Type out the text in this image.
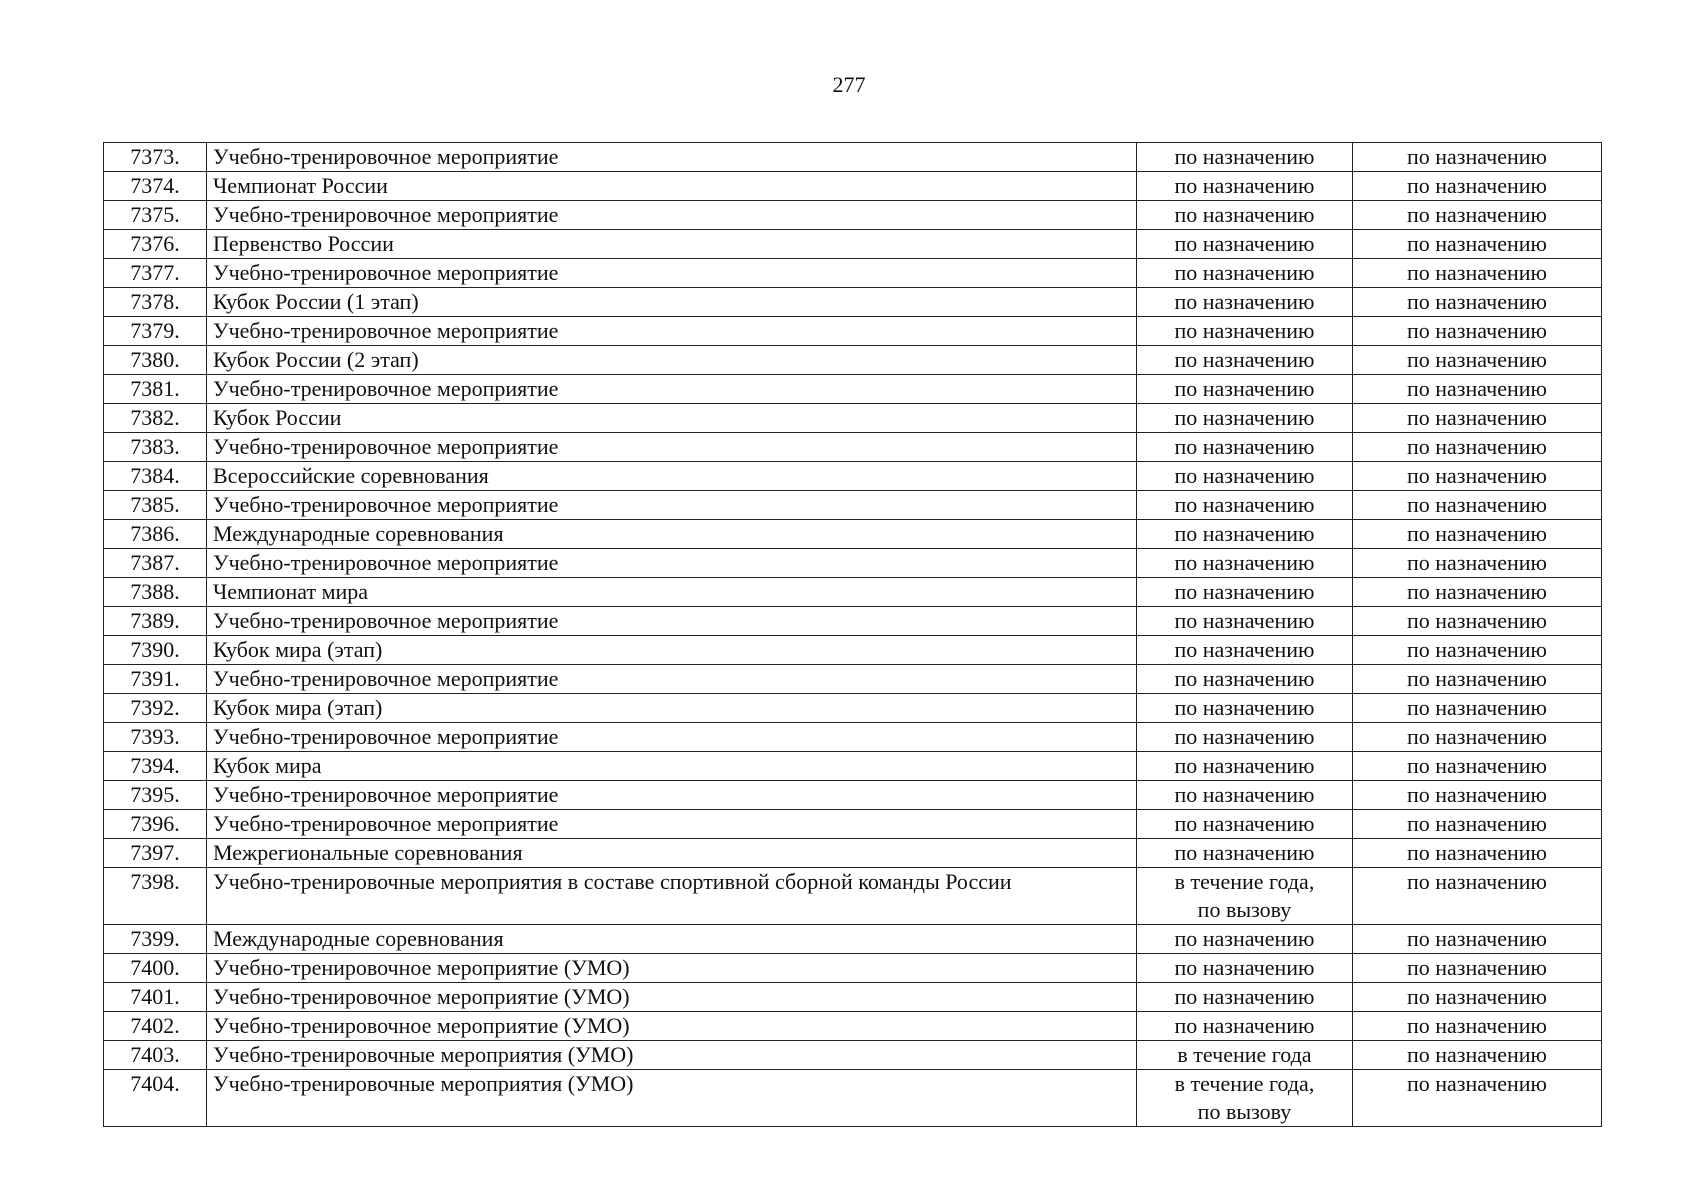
277
7373.	Учебно-тренировочное мероприятие	по назначению	по назначению
7374.	Чемпионат России	по назначению	по назначению
7375.	Учебно-тренировочное мероприятие	по назначению	по назначению
7376.	Первенство России	по назначению	по назначению
7377.	Учебно-тренировочное мероприятие	по назначению	по назначению
7378.	Кубок России (1 этап)	по назначению	по назначению
7379.	Учебно-тренировочное мероприятие	по назначению	по назначению
7380.	Кубок России (2 этап)	по назначению	по назначению
7381.	Учебно-тренировочное мероприятие	по назначению	по назначению
7382.	Кубок России	по назначению	по назначению
7383.	Учебно-тренировочное мероприятие	по назначению	по назначению
7384.	Всероссийские соревнования	по назначению	по назначению
7385.	Учебно-тренировочное мероприятие	по назначению	по назначению
7386.	Международные соревнования	по назначению	по назначению
7387.	Учебно-тренировочное мероприятие	по назначению	по назначению
7388.	Чемпионат мира	по назначению	по назначению
7389.	Учебно-тренировочное мероприятие	по назначению	по назначению
7390.	Кубок мира (этап)	по назначению	по назначению
7391.	Учебно-тренировочное мероприятие	по назначению	по назначению
7392.	Кубок мира (этап)	по назначению	по назначению
7393.	Учебно-тренировочное мероприятие	по назначению	по назначению
7394.	Кубок мира	по назначению	по назначению
7395.	Учебно-тренировочное мероприятие	по назначению	по назначению
7396.	Учебно-тренировочное мероприятие	по назначению	по назначению
7397.	Межрегиональные соревнования	по назначению	по назначению
7398.	Учебно-тренировочные мероприятия в составе спортивной сборной команды России	в течение года,
по вызову	по назначению
7399.	Международные соревнования	по назначению	по назначению
7400.	Учебно-тренировочное мероприятие (УМО)	по назначению	по назначению
7401.	Учебно-тренировочное мероприятие (УМО)	по назначению	по назначению
7402.	Учебно-тренировочное мероприятие (УМО)	по назначению	по назначению
7403.	Учебно-тренировочные мероприятия (УМО)	в течение года	по назначению
7404.	Учебно-тренировочные мероприятия (УМО)	в течение года,
по вызову	по назначению
